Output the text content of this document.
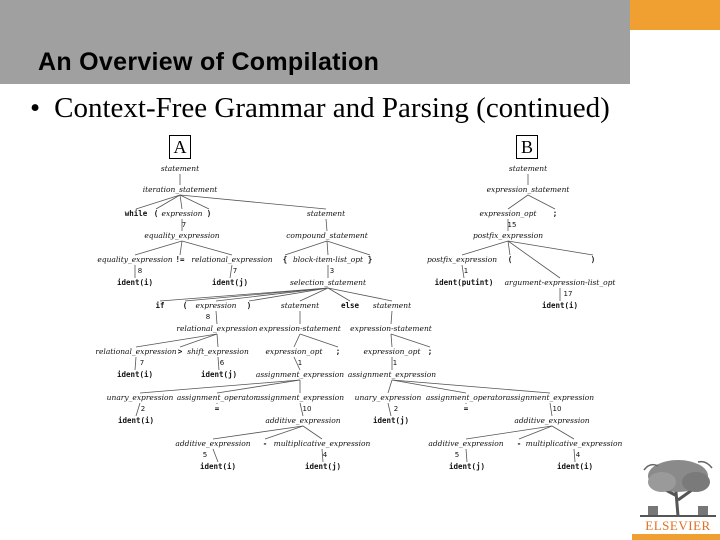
An Overview of Compilation
• Context-Free Grammar and Parsing (continued)
A	B
statement
iteration_statement
while ( expression )	statement
7
equality_expression	compound_statement
equality_expression != relational_expression { block-item-list_opt }
8	7	3
ident(i)	ident(j)	selection_statement
if ( expression )	statement	else statement
8
relational_expression expression-statement expression-statement
relational_expression > shift_expression expression_opt ;	expression_opt ;
7	6	1	1
ident(i)	ident(j)	assignment_expression assignment_expression
unary_expression assignment_operator
assignment_expression unary_expression assignment_operator assignment_expression
2	=	10	2	=	10
ident(i)	additive_expression	ident(j)	additive_expression
additive_expression - multiplicative_expression	additive_expression - multiplicative_expression
5	4	5	4
ident(i)	ident(j)	ident(j)	ident(i)
statement
expression_statement
expression_opt ;
15
postfix_expression
postfix_expression (	)
1
ident(putint) argument-expression-list_opt
17
ident(i)
ELSEVIER
